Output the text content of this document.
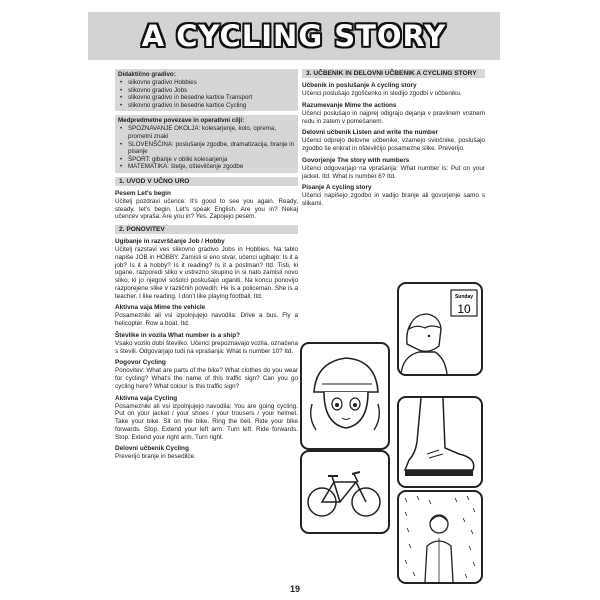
A CYCLING STORY
Didaktično gradivo:
• slikovno gradivo Hobbies
• slikovno gradivo Jobs
• slikovno gradivo in besedne kartice Transport
• slikovno gradivo in besedne kartice Cycling
Medpredmetne povezave in operativni cilji:
• SPOZNAVANJE OKOLJA: kolesarjenje, kolo, oprema, prometni znaki
• SLOVENŠČINA: poslušanje zgodbe, dramatizacija, branje in pisanje
• ŠPORT: gibanje v obliki kolesarjenja
• MATEMATIKA: štetje, oštevilčenje zgodbe
1. UVOD V UČNO URO
Pesem Let's begin
Učitelj pozdravi učence: It's good to see you again. Ready, steady, let's begin. Let's speak English. Are you in? Nekaj učencev vpraša: Are you in? Yes. Zapojejo pesem.
2. PONOVITEV
Ugibanje in razvrščanje Job / Hobby
Učitelj razstavi ves slikovno gradivo Jobs in Hobbies. Na tablo napiše JOB in HOBBY. Zamisli si eno stvar, učenci ugibajo: Is it a job? Is it a hobby? Is it reading? Is it a postman? Itd. Tisti, ki ugane, razporedi sliko v ustrezno skupino in si nato zamisli novo sliko, ki jo njegovi sošolci poskušajo uganiti. Na koncu ponovijo razporejene slike v različnih povedih: He is a policeman. She is a teacher. I like reading. I don't like playing football. Itd.
Aktivna vaja Mime the vehicle
Posamezniki ali vsi izpolnjujejo navodila: Drive a bus. Fly a helicopter. Row a boat. Itd.
Števlike in vozila What number is a ship?
Vsako vozilo dobi številko. Učenci prepoznavajo vozila, označena s števili. Odgovarjajo tudi na vprašanja: What is number 10? Itd.
Pogovor Cycling
Ponovitev: What are parts of the bike? What clothes do you wear for cycling? What's the name of this traffic sign? Can you go cycling here? What colour is this traffic sign?
Aktivna vaja Cycling
Posamezniki ali vsi izpolnjujejo navodila: You are going cycling. Put on your jacket / your shoes / your trousers / your helmet. Take your bike. Sit on the bike. Ring the bell. Ride your bike forwards. Stop. Extend your left arm. Turn left. Ride forwards. Stop. Extend your right arm. Turn right.
Delovni učbenik Cycling
Preverijo branje in besedilče.
3. UČBENIK IN DELOVNI UČBENIK A CYCLING STORY
Učbenik in poslušanje A cycling story
Učenci poslušajo zgoščenko in sledijo zgodbi v učbeniku.
Razumevanje Mime the actions
Učenci poslušajo in najprej odigrajo dejanja v pravilnem vrstnem redu in zatem v pomešanem.
Delovni učbenik Listen and write the number
Učenci odprejo delovne učbenike, vzamejo svinčnike, poslušajo zgodbo še enkrat in oštevilčijo posamezne slike. Preverijo.
Govorjenje The story with numbers
Učenci odgovarjajo na vprašanja: What number is: Put on your jacket. Itd. What is number 6? Itd.
Pisanje A cycling story
Učenci napišejo zgodbo in vadijo branje ali govorjenje samo s slikami.
Sunday
10
19
